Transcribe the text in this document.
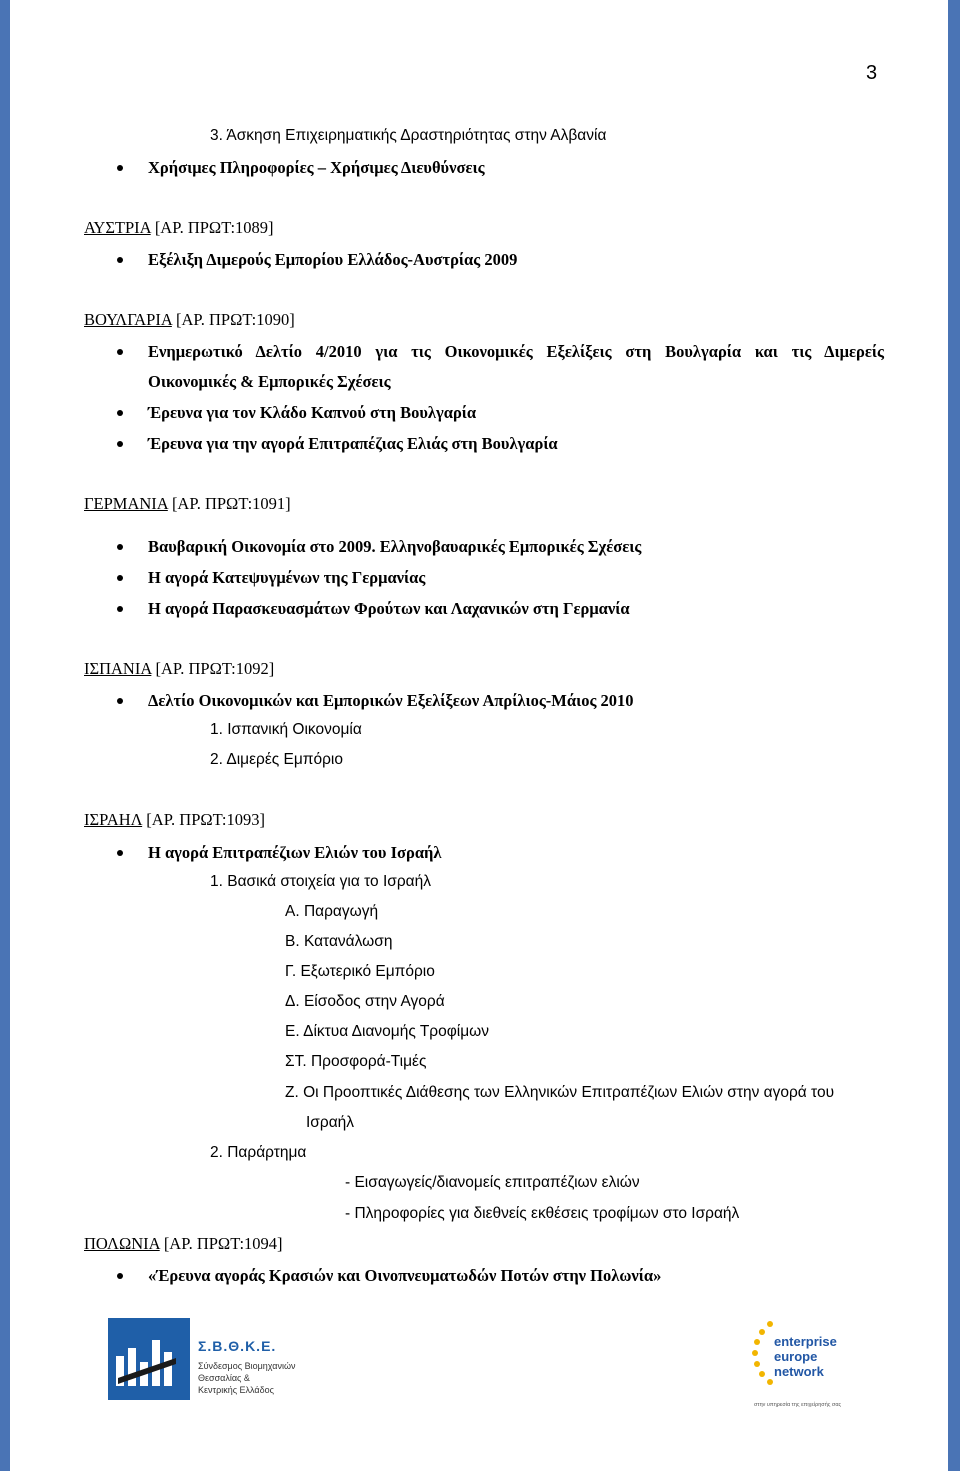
3
3. Άσκηση Επιχειρηματικής Δραστηριότητας στην Αλβανία
Χρήσιμες Πληροφορίες – Χρήσιμες Διευθύνσεις
ΑΥΣΤΡΙΑ [ΑΡ. ΠΡΩΤ:1089]
Εξέλιξη Διμερούς Εμπορίου Ελλάδος-Αυστρίας 2009
ΒΟΥΛΓΑΡΙΑ [ΑΡ. ΠΡΩΤ:1090]
Ενημερωτικό Δελτίο 4/2010 για τις Οικονομικές Εξελίξεις στη Βουλγαρία και τις Διμερείς
Οικονομικές & Εμπορικές Σχέσεις
Έρευνα για τον Κλάδο Καπνού στη Βουλγαρία
Έρευνα για την αγορά Επιτραπέζιας Ελιάς στη Βουλγαρία
ΓΕΡΜΑΝΙΑ [ΑΡ. ΠΡΩΤ:1091]
Βαυβαρική Οικονομία στο 2009. Ελληνοβαυαρικές Εμπορικές Σχέσεις
Η αγορά Κατεψυγμένων της Γερμανίας
Η αγορά Παρασκευασμάτων Φρούτων και Λαχανικών στη Γερμανία
ΙΣΠΑΝΙΑ [ΑΡ. ΠΡΩΤ:1092]
Δελτίο Οικονομικών και Εμπορικών Εξελίξεων Απρίλιος-Μάιος 2010
1. Ισπανική Οικονομία
2. Διμερές Εμπόριο
ΙΣΡΑΗΛ [ΑΡ. ΠΡΩΤ:1093]
Η αγορά Επιτραπέζιων Ελιών του Ισραήλ
1. Βασικά στοιχεία για το Ισραήλ
Α. Παραγωγή
Β. Κατανάλωση
Γ. Εξωτερικό Εμπόριο
Δ. Είσοδος στην Αγορά
Ε. Δίκτυα Διανομής Τροφίμων
ΣΤ. Προσφορά-Τιμές
Ζ. Οι Προοπτικές Διάθεσης των Ελληνικών Επιτραπέζιων Ελιών στην αγορά του
Ισραήλ
2. Παράρτημα
- Εισαγωγείς/διανομείς επιτραπέζιων ελιών
- Πληροφορίες για διεθνείς εκθέσεις τροφίμων στο Ισραήλ
ΠΟΛΩΝΙΑ [ΑΡ. ΠΡΩΤ:1094]
«Έρευνα αγοράς Κρασιών και Οινοπνευματωδών Ποτών στην Πολωνία»
Σ.Β.Θ.Κ.Ε.
Σύνδεσμος Βιομηχανιών
Θεσσαλίας &
Κεντρικής Ελλάδος
enterprise
europe
network
στην υπηρεσία της επιχείρησής σας
